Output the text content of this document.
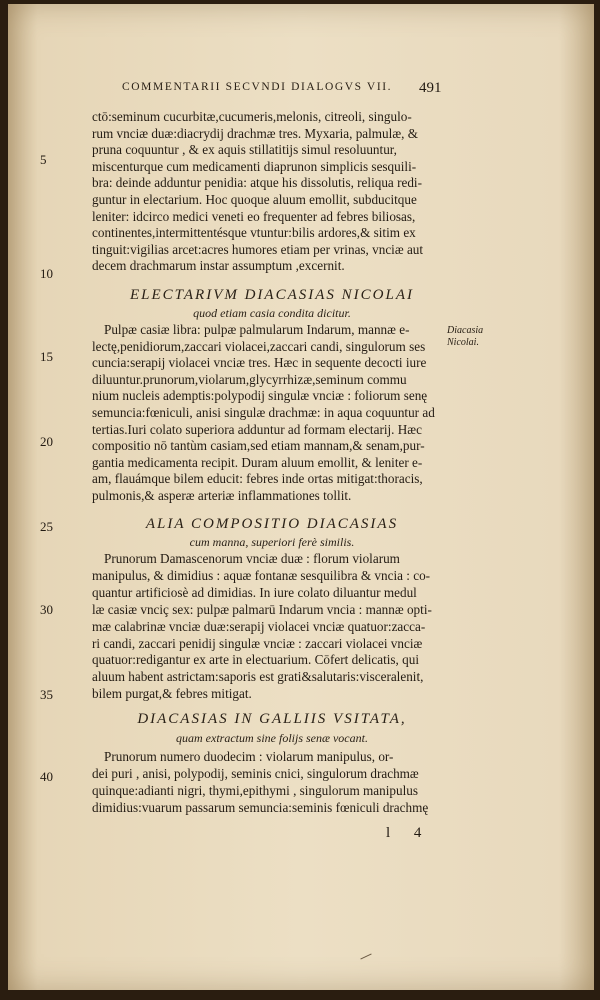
COMMENTARII SECVNDI DIALOGVS VII.	491
ctō:seminum cucurbitæ,cucumeris,melonis, citreoli, singulo-
rum vnciæ duæ:diacrydij drachmæ tres. Myxaria, palmulæ, &
pruna coquuntur , & ex aquis stillatitijs simul resoluuntur,
miscenturque cum medicamenti diaprunon simplicis sesquili-
bra: deinde adduntur penidia: atque his dissolutis, reliqua redi-
guntur in electarium. Hoc quoque aluum emollit, subducitque
leniter: idcirco medici veneti eo frequenter ad febres biliosas,
continentes,intermittentésque vtuntur:bilis ardores,& sitim ex
tinguit:vigilias arcet:acres humores etiam per vrinas, vnciæ aut
decem drachmarum instar assumptum ,excernit.
ELECTARIVM DIACASIAS NICOLAI
quod etiam casia condita dicitur.
Pulpæ casiæ libra: pulpæ palmularum Indarum, mannæ e-
lectę,penidiorum,zaccari violacei,zaccari candi, singulorum ses
cuncia:serapij violacei vnciæ tres. Hæc in sequente decocti iure
diluuntur.prunorum,violarum,glycyrrhizæ,seminum commu
nium nucleis ademptis:polypodij singulæ vnciæ : foliorum senę
semuncia:fœniculi, anisi singulæ drachmæ: in aqua coquuntur ad
tertias.Iuri colato superiora adduntur ad formam electarij. Hæc
compositio nō tantùm casiam,sed etiam mannam,& senam,pur-
gantia medicamenta recipit. Duram aluum emollit, & leniter e-
am, flauámque bilem educit: febres inde ortas mitigat:thoracis,
pulmonis,& asperæ arteriæ inflammationes tollit.
ALIA COMPOSITIO DIACASIAS
cum manna, superiori ferè similis.
Prunorum Damascenorum vnciæ duæ : florum violarum
manipulus, & dimidius : aquæ fontanæ sesquilibra & vncia : co-
quantur artificiosè ad dimidias. In iure colato diluantur medul
læ casiæ vnciç sex: pulpæ palmarū Indarum vncia : mannæ opti-
mæ calabrinæ vnciæ duæ:serapij violacei vnciæ quatuor:zacca-
ri candi, zaccari penidij singulæ vnciæ : zaccari violacei vnciæ
quatuor:redigantur ex arte in electuarium. Cōfert delicatis, qui
aluum habent astrictam:saporis est grati&salutaris:visceralenit,
bilem purgat,& febres mitigat.
DIACASIAS IN GALLIIS VSITATA,
quam extractum sine folijs senæ vocant.
Prunorum numero duodecim : violarum manipulus, or-
dei puri , anisi, polypodij, seminis cnici, singulorum drachmæ
quinque:adianti nigri, thymi,epithymi , singulorum manipulus
dimidius:vuarum passarum semuncia:seminis fœniculi drachmę
5
10
15
20
25
30
35
40
Diacasia Nicolai.
l 4
